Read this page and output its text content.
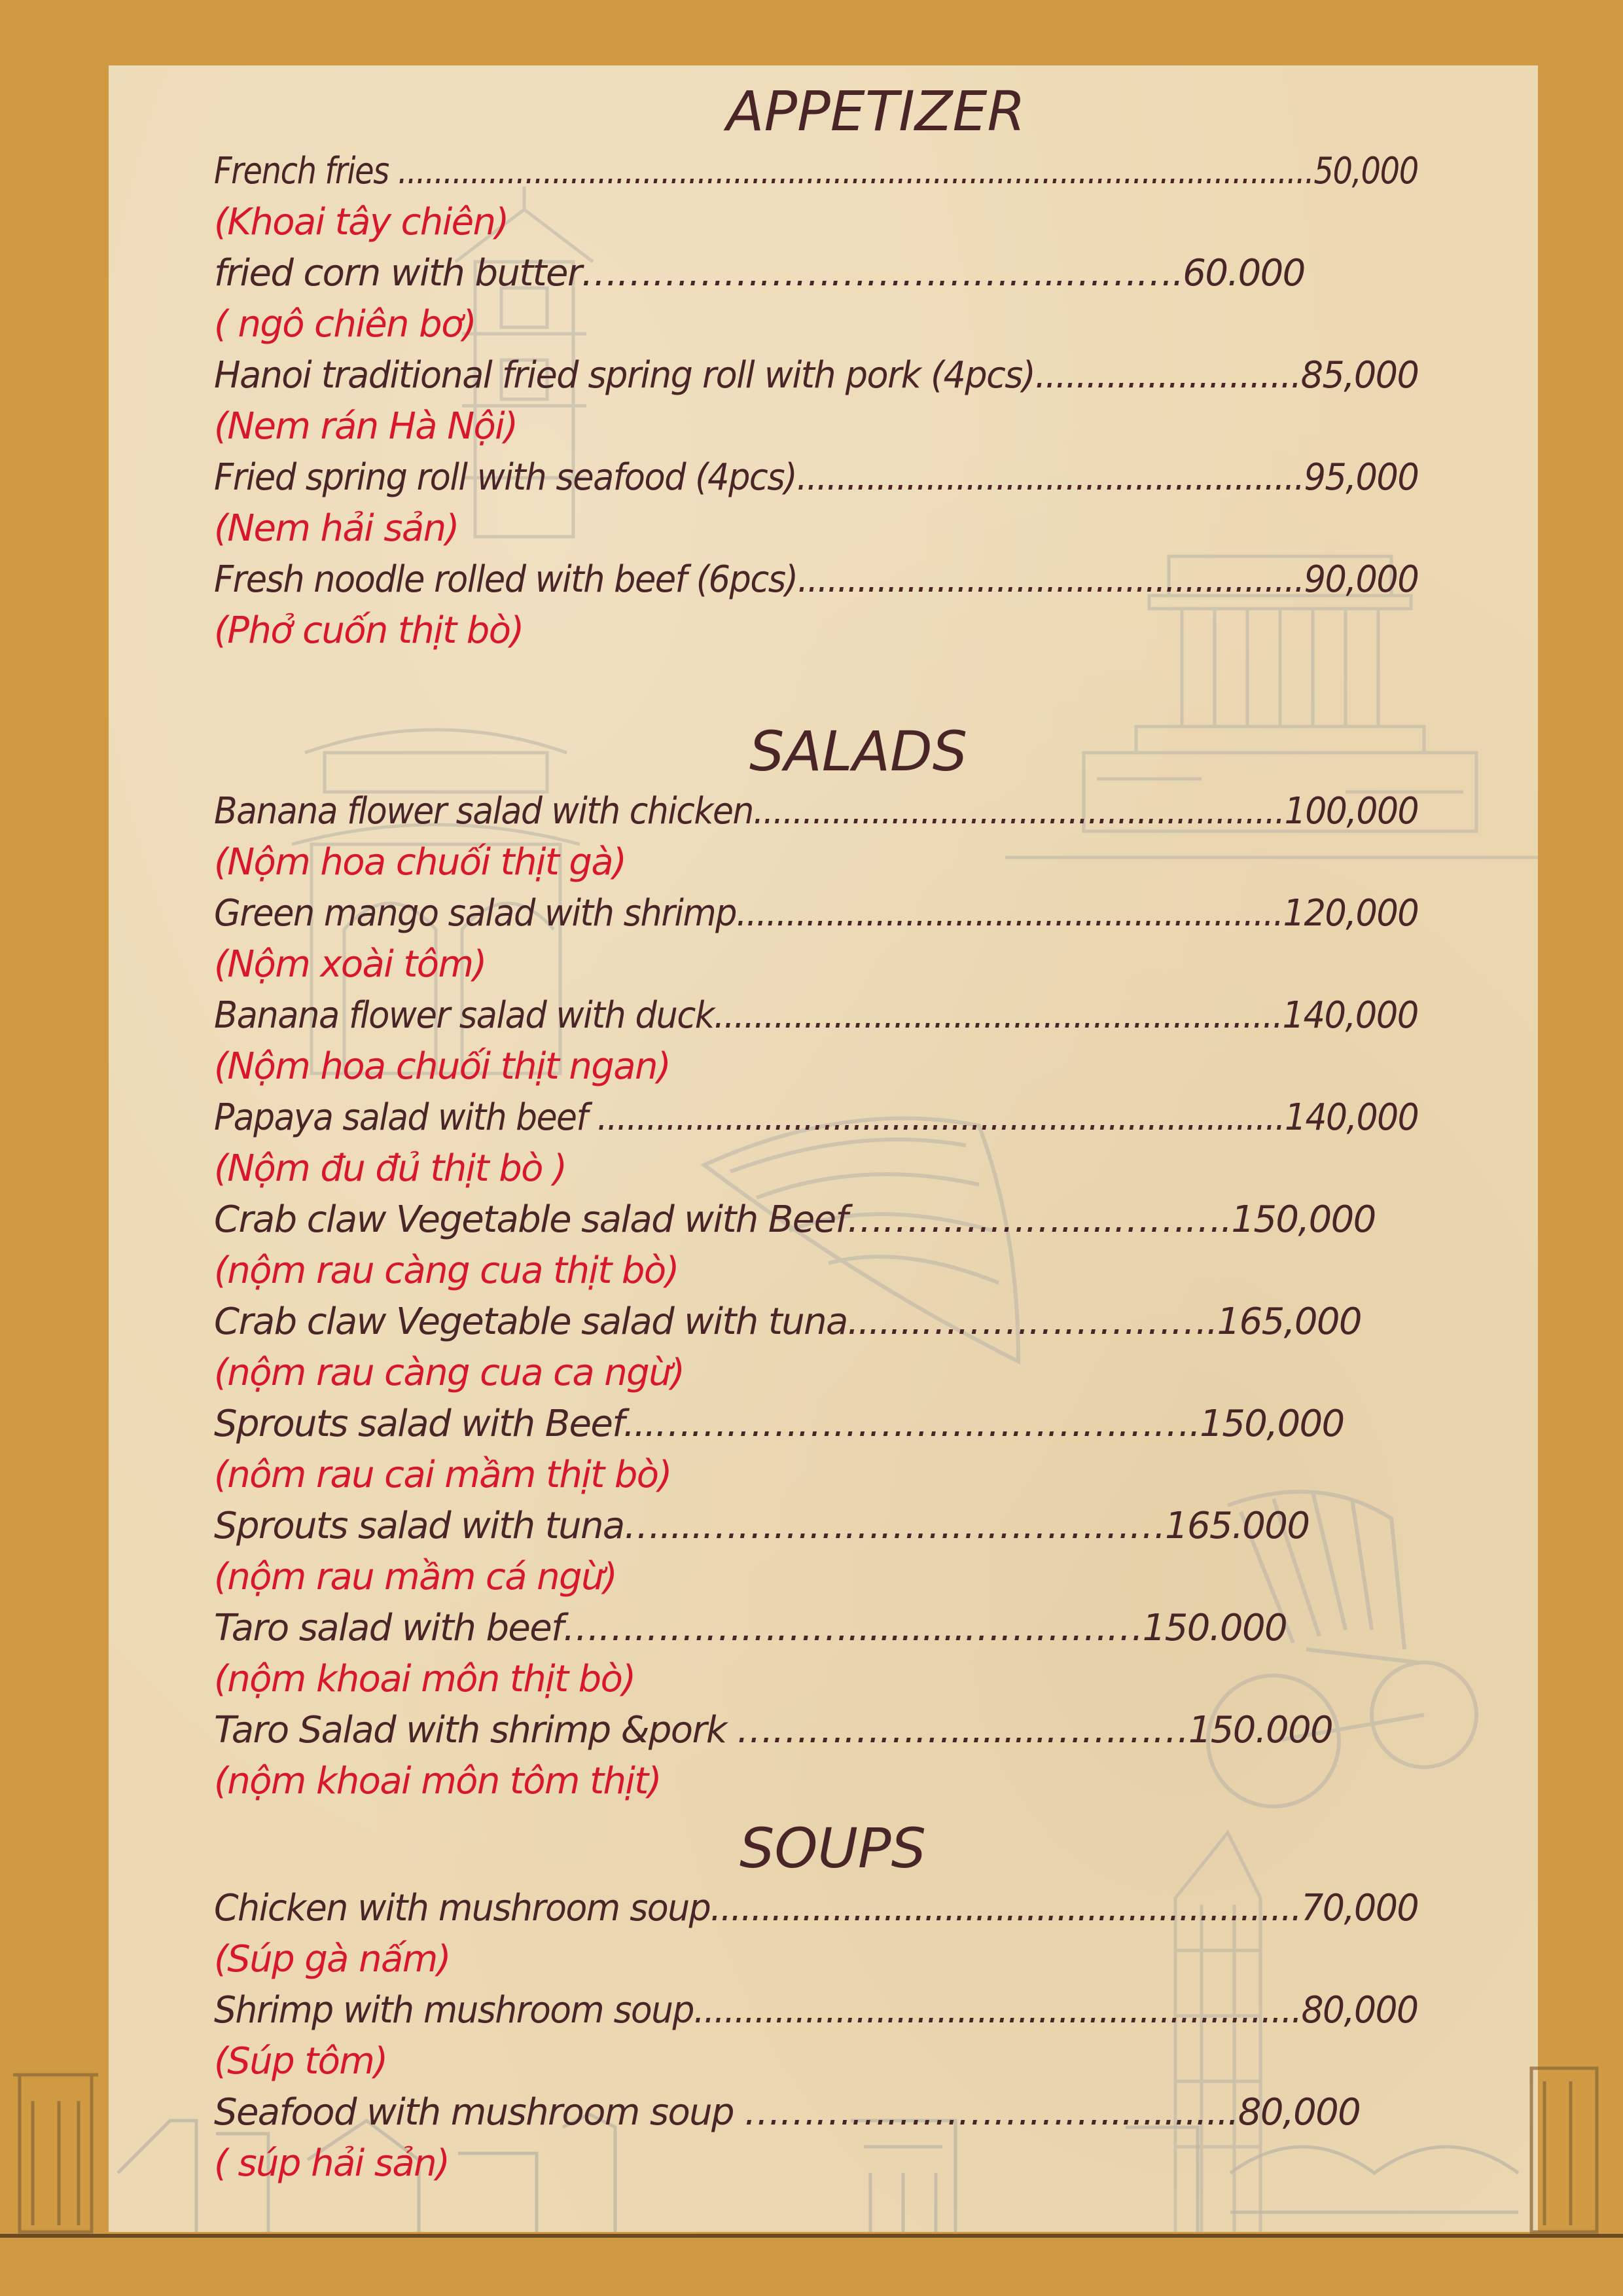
APPETIZER
French fries .....................................................................................................50,000
(Khoai tây chiên)
fried corn with butter…………………………………..……….60.000
( ngô chiên bơ)
Hanoi traditional fried spring roll with pork (4pcs)..........................85,000
(Nem rán Hà Nội)
Fried spring roll with seafood (4pcs)...................................................95,000
(Nem hải sản)
Fresh noodle rolled with beef (6pcs)...................................................90,000
(Phở cuốn thịt bò)
SALADS
Banana flower salad with chicken......................................................100,000
(Nộm hoa chuối thịt gà)
Green mango salad with shrimp.......................................................120,000
(Nộm xoài tôm)
Banana flower salad with duck.........................................................140,000
(Nộm hoa chuối thịt ngan)
Papaya salad with beef ......................................................................140,000
(Nộm đu đủ thịt bò )
Crab claw Vegetable salad with Beef……………….....……….150,000
(nộm rau càng cua thịt bò)
Crab claw Vegetable salad with tuna.......…………………….165,000
(nộm rau càng cua ca ngừ)
Sprouts salad with Beef...……………………………………….150,000
(nôm rau cai mầm thịt bò)
Sprouts salad with tuna…....…………………………………165.000
(nộm rau mầm cá ngừ)
Taro salad with beef……………………...........……………150.000
(nộm khoai môn thịt bò)
Taro Salad with shrimp &pork ……………….........…………150.000
(nộm khoai môn tôm thịt)
SOUPS
Chicken with mushroom soup..........................................................70,000
(Súp gà nấm)
Shrimp with mushroom soup............................................................80,000
(Súp tôm)
Seafood with mushroom soup ………………………….............80,000
( súp hải sản)
